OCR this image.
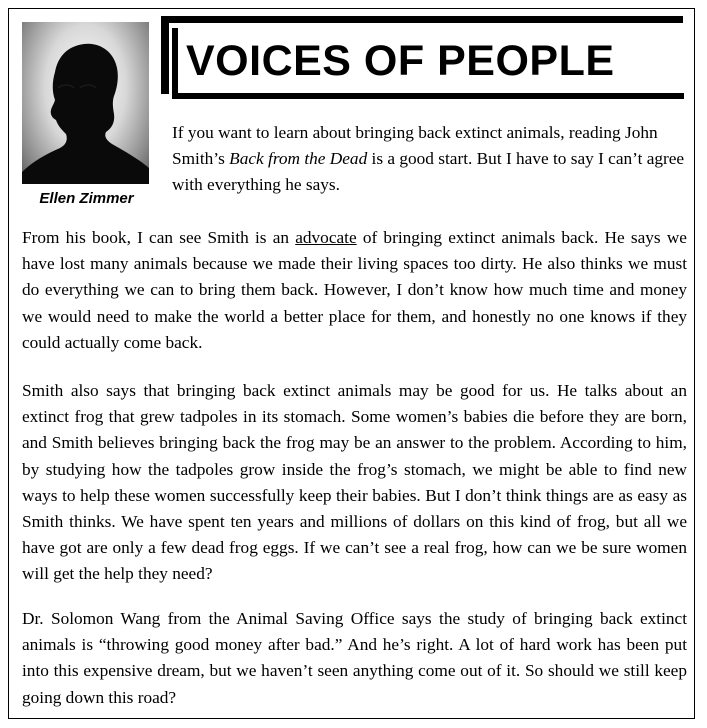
Ellen Zimmer
VOICES OF PEOPLE
If you want to learn about bringing back extinct animals, reading John Smith’s Back from the Dead is a good start. But I have to say I can’t agree with everything he says.
From his book, I can see Smith is an advocate of bringing extinct animals back. He says we have lost many animals because we made their living spaces too dirty. He also thinks we must do everything we can to bring them back. However, I don’t know how much time and money we would need to make the world a better place for them, and honestly no one knows if they could actually come back.
Smith also says that bringing back extinct animals may be good for us. He talks about an extinct frog that grew tadpoles in its stomach. Some women’s babies die before they are born, and Smith believes bringing back the frog may be an answer to the problem. According to him, by studying how the tadpoles grow inside the frog’s stomach, we might be able to find new ways to help these women successfully keep their babies. But I don’t think things are as easy as Smith thinks. We have spent ten years and millions of dollars on this kind of frog, but all we have got are only a few dead frog eggs. If we can’t see a real frog, how can we be sure women will get the help they need?
Dr. Solomon Wang from the Animal Saving Office says the study of bringing back extinct animals is “throwing good money after bad.” And he’s right. A lot of hard work has been put into this expensive dream, but we haven’t seen anything come out of it. So should we still keep going down this road?
